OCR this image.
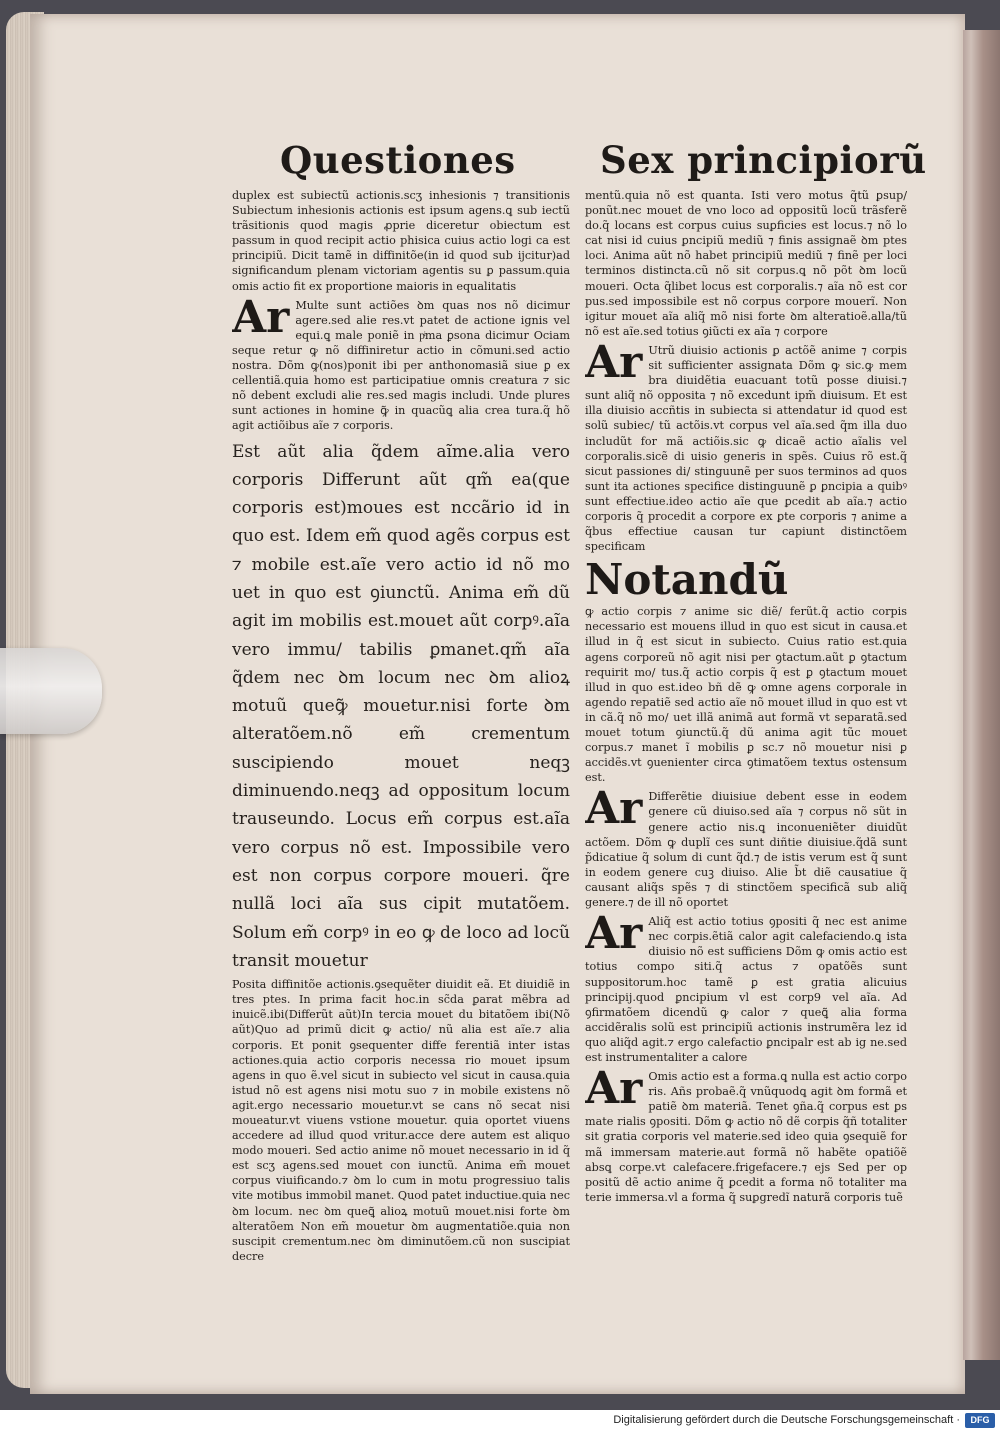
Questiones Sex principiorũ

duplex est subiectũ actionis.scʒ inhesionis ⁊ transitionis Subiectum inhesionis actionis est ipsum agens.ꝗ sub iectũ trãsitionis quod magis ꝓprie diceretur obiectum est passum in quod recipit actio phisica cuius actio logi ca est principiũ. Dicit tamẽ in diffinitõe(in id quod sub ijcitur)ad significandum plenam victoriam agentis su ꝑ passum.quia omis actio fit ex proportione maioris in equalitatis

Ar Multe sunt actiões ꝺm quas nos nõ dicimur agere.sed alie res.vt patet de actione ignis vel equi.ꝗ male poniẽ in pͥma ꝑsona dicimur Ociam seque retur ꝙ nõ diffiniretur actio in cõmuni.sed actio nostra. Dõm ꝙ(nos)ponit ibi per anthonomasiã siue ꝑ ex cellentiã.quia homo est participatiue omnis creatura ⁊ sic nõ debent excludi alie res.sed magis includi. Unde plures sunt actiones in homine ꝙ̃ in quacũꝗ alia crea tura.q̃ hõ agit actiõibus aĩe ⁊ corporis.

Est aũt alia q̃dem aĩme.alia vero corporis Differunt aũt qm̃ ea(que corporis est)moues est nccãrio id in quo est. Idem em̃ quod agẽs corpus est ⁊ mobile est.aĩe vero actio id nõ mo uet in quo est ꝯiunctũ. Anima em̃ dũ agit im mobilis est.mouet aũt corpꝰ.aĩa vero immu/ tabilis ꝑmanet.qm̃ aĩa q̃dem nec ꝺm locum nec ꝺm alioꝝ motuũ queꝙ̃ mouetur.nisi forte ꝺm alteratõem.nõ em̃ crementum suscipiendo mouet neqꝫ diminuendo.neqꝫ ad oppositum locum trauseundo. Locus em̃ corpus est.aĩa vero corpus nõ est. Impossibile vero est non corpus corpore moueri. q̃re nullã loci aĩa sus cipit mutatõem. Solum em̃ corpꝰ in eo ꝙ de loco ad locũ transit mouetur

Posita diffinitõe actionis.ꝯsequẽter diuidit eã. Et diuidiẽ in tres ptes. In prima facit hoc.in sc̃da ꝑarat mẽbra ad inuicẽ.ibi(Differũt aũt)In tercia mouet du bitatõem ibi(Nõ aũt)Quo ad primũ dicit ꝙ actio/ nũ alia est aĩe.⁊ alia corporis. Et ponit ꝯsequenter diffe ferentiã inter istas actiones.quia actio corporis necessa rio mouet ipsum agens in quo ẽ.vel sicut in subiecto vel sicut in causa.quia istud nõ est agens nisi motu suo ⁊ in mobile existens nõ agit.ergo necessario mouetur.vt se cans nõ secat nisi moueatur.vt viuens vstione mouetur. quia oportet viuens accedere ad illud quod vritur.acce dere autem est aliquo modo moueri. Sed actio anime nõ mouet necessario in id q̃ est scʒ agens.sed mouet con iunctũ. Anima em̃ mouet corpus viuificando.⁊ ꝺm lo cum in motu progressiuo talis vite motibus immobil manet. Quod patet inductiue.quia nec ꝺm locum. nec ꝺm queꝗ̃ alioꝝ motuũ mouet.nisi forte ꝺm alteratõem Non em̃ mouetur ꝺm augmentatiõe.quia non suscipit crementum.nec ꝺm diminutõem.cũ non suscipiat decre

mentũ.quia nõ est quanta. Isti vero motus q̃tũ ꝑsup/ ponũt.nec mouet de vno loco ad oppositũ locũ trãsferẽ do.q̃ locans est corpus cuius suꝑficies est locus.⁊ nõ lo cat nisi id cuius ꝑncipiũ mediũ ⁊ finis assignaẽ ꝺm ptes loci. Anima aũt nõ habet principiũ mediũ ⁊ finẽ per loci terminos distincta.cũ nõ sit corpus.ꝗ nõ põt ꝺm locũ moueri. Octa q̃libet locus est corporalis.⁊ aĩa nõ est cor pus.sed impossibile est nõ corpus corpore mouerĩ. Non igitur mouet aĩa aliq̃ mõ nisi forte ꝺm alteratioẽ.alla/tũ nõ est aĩe.sed totius ꝯiũcti ex aĩa ⁊ corpore

Ar Utrũ diuisio actionis ꝑ actõẽ anime ⁊ corpis sit sufficienter assignata Dõm ꝙ sic.ꝙ mem bra diuidẽtia euacuant totũ posse diuisi.⁊ sunt aliq̃ nõ opposita ⁊ nõ excedunt ipm̃ diuisum. Et est illa diuisio accñtis in subiecta si attendatur id quod est solũ subiec/ tũ actõis.vt corpus vel aĩa.sed q̃m illa duo includũt for mã actiõis.sic ꝙ dicaẽ actio aĩalis vel corporalis.sicẽ di uisio generis in spẽs. Cuius rõ est.q̃ sicut passiones di/ stinguunẽ per suos terminos ad quos sunt ita actiones specifice distinguunẽ ꝑ ꝑncipia a quibꝰ sunt effectiue.ideo actio aĩe que ꝑcedit ab aĩa.⁊ actio corporis q̃ procedit a corpore ex ꝑte corporis ⁊ anime a q̃bus effectiue causan tur capiunt distinctõem specificam

Notandũ

ꝙ actio corpis ⁊ anime sic diẽ/ ferũt.q̃ actio corpis necessario est mouens illud in quo est sicut in causa.et illud in q̃ est sicut in subiecto. Cuius ratio est.quia agens corporeũ nõ agit nisi per ꝯtactum.aũt ꝑ ꝯtactum requirit mo/ tus.q̃ actio corpis q̃ est ꝑ ꝯtactum mouet illud in quo est.ideo bñ dẽ ꝙ omne agens corporale in agendo repatiẽ sed actio aĩe nõ mouet illud in quo est vt in cã.q̃ nõ mo/ uet illã animã aut formã vt separatã.sed mouet totum ꝯiunctũ.q̃ dũ anima agit tũc mouet corpus.⁊ manet ĩ mobilis ꝑ sc.⁊ nõ mouetur nisi ꝑ accidẽs.vt ꝯuenienter circa ꝯtimatõem textus ostensum est.

Ar Differẽtie diuisiue debent esse in eodem genere cũ diuiso.sed aĩa ⁊ corpus nõ sũt in genere actio nis.ꝗ inconueniẽter diuidũt actõem. Dõm ꝙ duplĩ ces sunt diñtie diuisiue.q̃dã sunt p̃dicatiue q̃ solum di cunt q̃d.⁊ de istis verum est q̃ sunt in eodem genere cuꝫ diuiso. Alie b̃t diẽ causatiue q̃ causant aliq̃s spẽs ⁊ di stinctõem specificã sub aliq̃ genere.⁊ de ill nõ oportet

Ar Aliq̃ est actio totius ꝯpositi q̃ nec est anime nec corpis.ẽtiã calor agit calefaciendo.ꝗ ista diuisio nõ est sufficiens Dõm ꝙ omis actio est totius compo siti.q̃ actus ⁊ opatõẽs sunt suppositorum.hoc tamẽ ꝑ est gratia alicuius principij.quod ꝑncipium vl est corp9 vel aĩa. Ad ꝯfirmatõem dicendũ ꝙ calor ⁊ queꝗ̃ alia forma accidẽralis solũ est principiũ actionis instrumẽra lez id quo aliq̃d agit.⁊ ergo calefactio ꝑncipalr est ab ig ne.sed est instrumentaliter a calore

Ar Omis actio est a forma.ꝗ nulla est actio corpo ris. Añs probaẽ.q̃ vnũquodꝗ agit ꝺm formã et patiẽ ꝺm materiã. Tenet ꝯña.q̃ corpus est ꝑs mate rialis ꝯpositi. Dõm ꝙ actio nõ dẽ corpis q̃ñ totaliter sit gratia corporis vel materie.sed ideo quia ꝯsequiẽ for mã immersam materie.aut formã nõ habẽte opatiõẽ absꝗ corpe.vt calefacere.frigefacere.⁊ ejs Sed per op positũ dẽ actio anime q̃ ꝑcedit a forma nõ totaliter ma terie immersa.vl a forma q̃ suꝑgredĩ naturã corporis tuẽ

Digitalisierung gefördert durch die Deutsche Forschungsgemeinschaft ·	DFG
